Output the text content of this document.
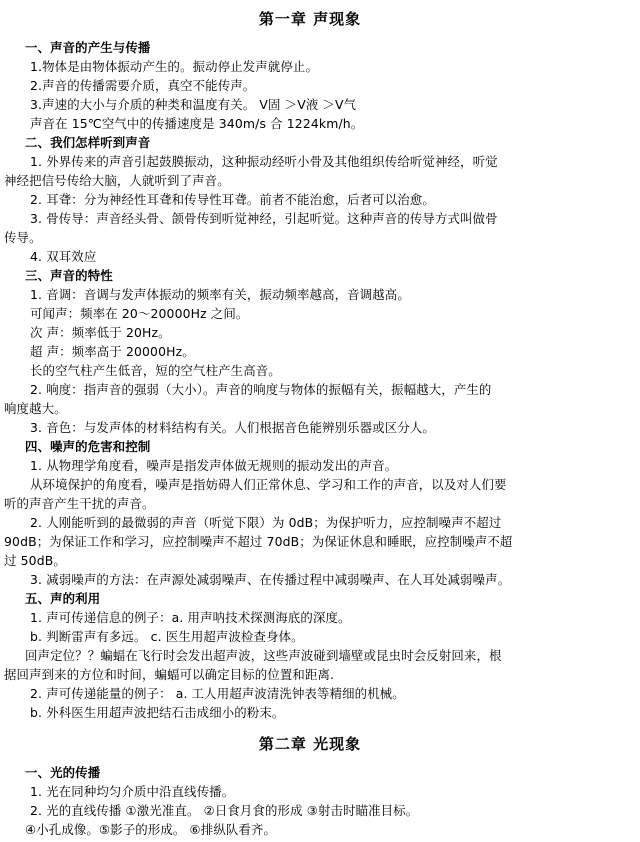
第一章 声现象
一、声音的产生与传播
1.物体是由物体振动产生的。振动停止发声就停止。
2.声音的传播需要介质，真空不能传声。
3.声速的大小与介质的种类和温度有关。 V固 ＞V液 ＞V气
声音在 15℃空气中的传播速度是 340m/s 合 1224km/h。
二、我们怎样听到声音
1. 外界传来的声音引起鼓膜振动，这种振动经听小骨及其他组织传给听觉神经，听觉
神经把信号传给大脑，人就听到了声音。
2. 耳聋：分为神经性耳聋和传导性耳聋。前者不能治愈，后者可以治愈。
3. 骨传导：声音经头骨、颌骨传到听觉神经，引起听觉。这种声音的传导方式叫做骨
传导。
4. 双耳效应
三、声音的特性
1. 音调：音调与发声体振动的频率有关，振动频率越高，音调越高。
可闻声：频率在 20～20000Hz 之间。
次 声：频率低于 20Hz。
超 声：频率高于 20000Hz。
长的空气柱产生低音，短的空气柱产生高音。
2. 响度：指声音的强弱（大小）。声音的响度与物体的振幅有关，振幅越大，产生的
响度越大。
3. 音色：与发声体的材料结构有关。人们根据音色能辨别乐器或区分人。
四、噪声的危害和控制
1. 从物理学角度看，噪声是指发声体做无规则的振动发出的声音。
从环境保护的角度看，噪声是指妨碍人们正常休息、学习和工作的声音，以及对人们要
听的声音产生干扰的声音。
2. 人刚能听到的最微弱的声音（听觉下限）为 0dB；为保护听力，应控制噪声不超过
90dB；为保证工作和学习，应控制噪声不超过 70dB；为保证休息和睡眠，应控制噪声不超
过 50dB。
3. 减弱噪声的方法：在声源处减弱噪声、在传播过程中减弱噪声、在人耳处减弱噪声。
五、声的利用
1. 声可传递信息的例子：a. 用声呐技术探测海底的深度。
b. 判断雷声有多远。 c. 医生用超声波检查身体。
回声定位？？蝙蝠在飞行时会发出超声波，这些声波碰到墙壁或昆虫时会反射回来，根
据回声到来的方位和时间，蝙蝠可以确定目标的位置和距离.
2. 声可传递能量的例子： a. 工人用超声波清洗钟表等精细的机械。
b. 外科医生用超声波把结石击成细小的粉末。
第二章 光现象
一、光的传播
1. 光在同种均匀介质中沿直线传播。
2. 光的直线传播 ①激光准直。 ②日食月食的形成 ③射击时瞄准目标。
④小孔成像。⑤影子的形成。 ⑥排纵队看齐。
